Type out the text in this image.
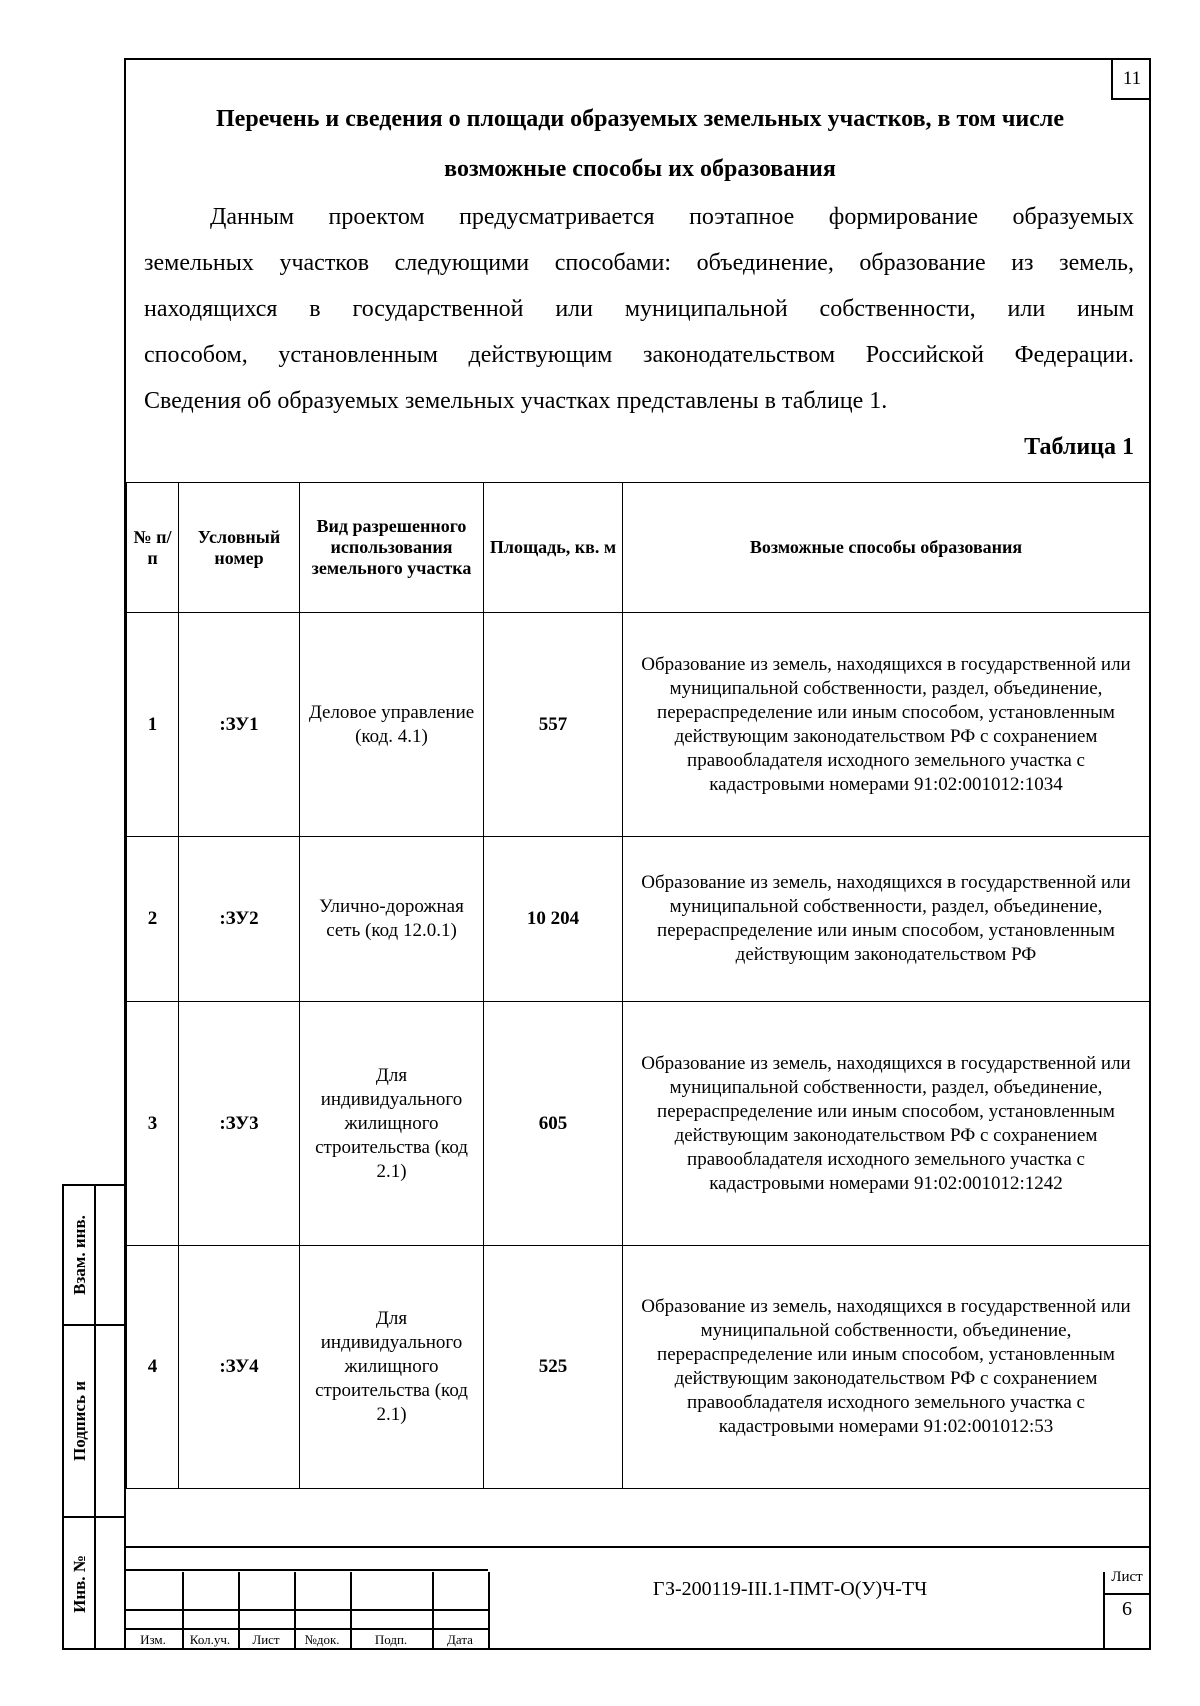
11
Перечень и сведения о площади образуемых земельных участков, в том числе
возможные способы их образования
Данным проектом предусматривается поэтапное формирование образуемых
земельных участков следующими способами: объединение, образование из земель,
находящихся в государственной или муниципальной собственности, или иным
способом, установленным действующим законодательством Российской Федерации.
Сведения об образуемых земельных участках представлены в таблице 1.
Таблица 1
№ п/п	Условный номер	Вид разрешенного использования земельного участка	Площадь, кв. м	Возможные способы образования
1	:ЗУ1	Деловое управление (код. 4.1)	557	Образование из земель, находящихся в государственной или муниципальной собственности, раздел, объединение, перераспределение или иным способом, установленным действующим законодательством РФ с сохранением правообладателя исходного земельного участка с кадастровыми номерами 91:02:001012:1034
2	:ЗУ2	Улично-дорожная сеть (код 12.0.1)	10 204	Образование из земель, находящихся в государственной или муниципальной собственности, раздел, объединение, перераспределение или иным способом, установленным действующим законодательством РФ
3	:ЗУ3	Для индивидуального жилищного строительства (код 2.1)	605	Образование из земель, находящихся в государственной или муниципальной собственности, раздел, объединение, перераспределение или иным способом, установленным действующим законодательством РФ с сохранением правообладателя исходного земельного участка с кадастровыми номерами 91:02:001012:1242
4	:ЗУ4	Для индивидуального жилищного строительства (код 2.1)	525	Образование из земель, находящихся в государственной или муниципальной собственности, объединение, перераспределение или иным способом, установленным действующим законодательством РФ с сохранением правообладателя исходного земельного участка с кадастровыми номерами 91:02:001012:53
Взам. инв.
Подпись и
Инв. №
Изм.	Кол.уч.	Лист	№док.	Подп.	Дата
ГЗ-200119-III.1-ПМТ-О(У)Ч-ТЧ
Лист
6
